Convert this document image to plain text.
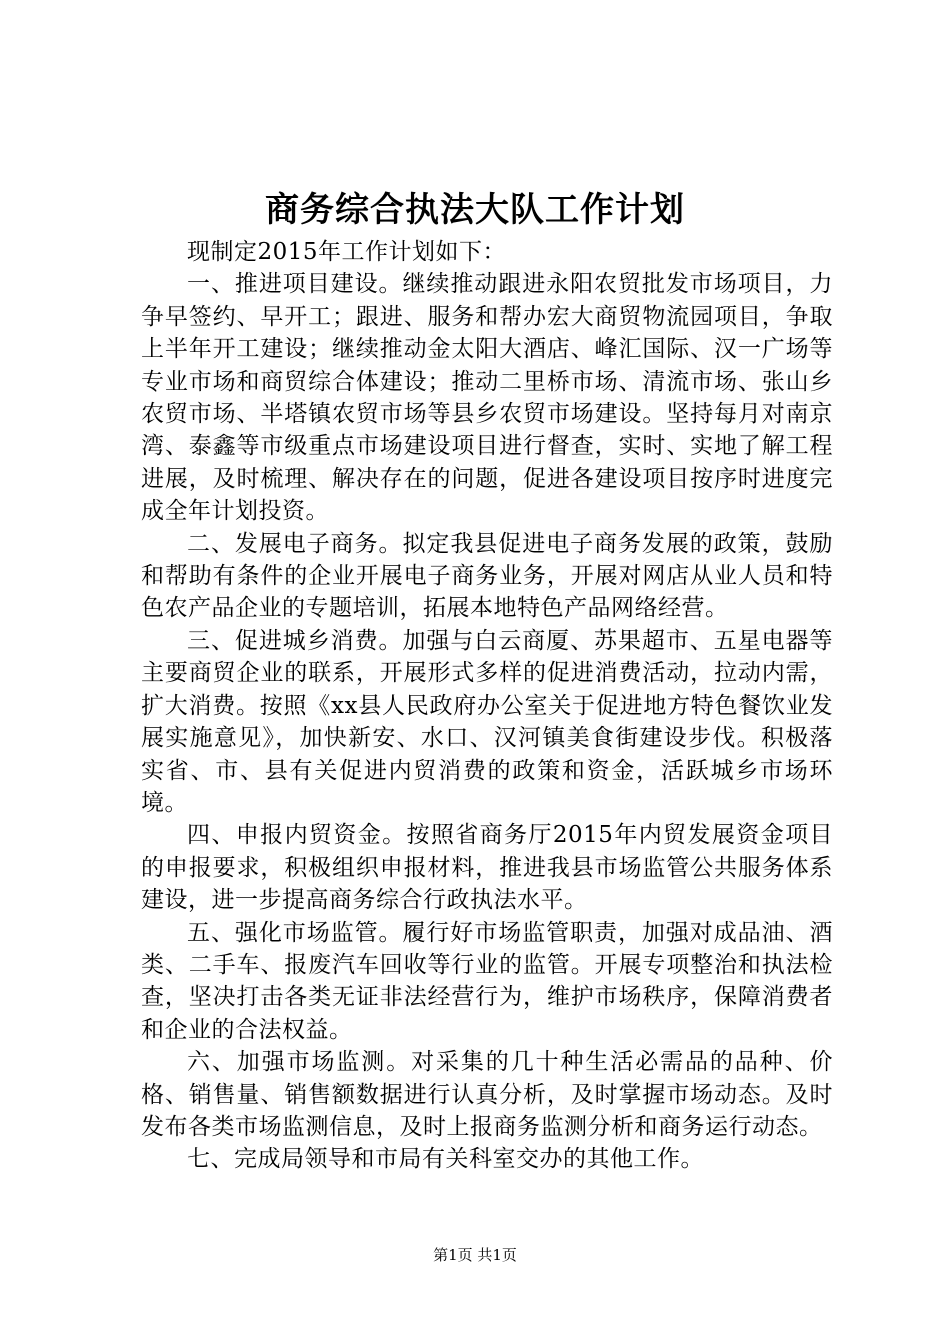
商务综合执法大队工作计划

现制定2015年工作计划如下：

一、推进项目建设。继续推动跟进永阳农贸批发市场项目，力争早签约、早开工；跟进、服务和帮办宏大商贸物流园项目，争取上半年开工建设；继续推动金太阳大酒店、峰汇国际、汉一广场等专业市场和商贸综合体建设；推动二里桥市场、清流市场、张山乡农贸市场、半塔镇农贸市场等县乡农贸市场建设。坚持每月对南京湾、泰鑫等市级重点市场建设项目进行督查，实时、实地了解工程进展，及时梳理、解决存在的问题，促进各建设项目按序时进度完成全年计划投资。

二、发展电子商务。拟定我县促进电子商务发展的政策，鼓励和帮助有条件的企业开展电子商务业务，开展对网店从业人员和特色农产品企业的专题培训，拓展本地特色产品网络经营。

三、促进城乡消费。加强与白云商厦、苏果超市、五星电器等主要商贸企业的联系，开展形式多样的促进消费活动，拉动内需，扩大消费。按照《xx县人民政府办公室关于促进地方特色餐饮业发展实施意见》，加快新安、水口、汉河镇美食街建设步伐。积极落实省、市、县有关促进内贸消费的政策和资金，活跃城乡市场环境。

四、申报内贸资金。按照省商务厅2015年内贸发展资金项目的申报要求，积极组织申报材料，推进我县市场监管公共服务体系建设，进一步提高商务综合行政执法水平。

五、强化市场监管。履行好市场监管职责，加强对成品油、酒类、二手车、报废汽车回收等行业的监管。开展专项整治和执法检查，坚决打击各类无证非法经营行为，维护市场秩序，保障消费者和企业的合法权益。

六、加强市场监测。对采集的几十种生活必需品的品种、价格、销售量、销售额数据进行认真分析，及时掌握市场动态。及时发布各类市场监测信息，及时上报商务监测分析和商务运行动态。

七、完成局领导和市局有关科室交办的其他工作。

第1页 共1页
